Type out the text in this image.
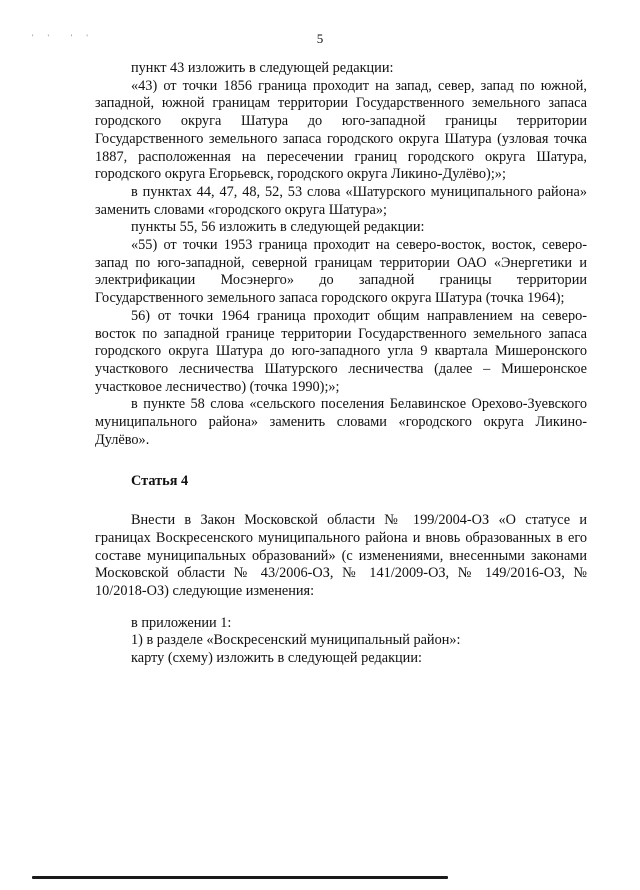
' '  ' '	5

пункт 43 изложить в следующей редакции:

«43) от точки 1856 граница проходит на запад, север, запад по южной, западной, южной границам территории Государственного земельного запаса городского округа Шатура до юго-западной границы территории Государственного земельного запаса городского округа Шатура (узловая точка 1887, расположенная на пересечении границ городского округа Шатура, городского округа Егорьевск, городского округа Ликино-Дулёво);»;

в пунктах 44, 47, 48, 52, 53 слова «Шатурского муниципального района» заменить словами «городского округа Шатура»;

пункты 55, 56 изложить в следующей редакции:

«55) от точки 1953 граница проходит на северо-восток, восток, северо-запад по юго-западной, северной границам территории ОАО «Энергетики и электрификации Мосэнерго» до западной границы территории Государственного земельного запаса городского округа Шатура (точка 1964);

56) от точки 1964 граница проходит общим направлением на северо-восток по западной границе территории Государственного земельного запаса городского округа Шатура до юго-западного угла 9 квартала Мишеронского участкового лесничества Шатурского лесничества (далее – Мишеронское участковое лесничество) (точка 1990);»;

в пункте 58 слова «сельского поселения Белавинское Орехово-Зуевского муниципального района» заменить словами «городского округа Ликино-Дулёво».

Статья 4

Внести в Закон Московской области № 199/2004-ОЗ «О статусе и границах Воскресенского муниципального района и вновь образованных в его составе муниципальных образований» (с изменениями, внесенными законами Московской области № 43/2006-ОЗ, № 141/2009-ОЗ, № 149/2016-ОЗ, № 10/2018-ОЗ) следующие изменения:

в приложении 1:

1) в разделе «Воскресенский муниципальный район»:

карту (схему) изложить в следующей редакции:
